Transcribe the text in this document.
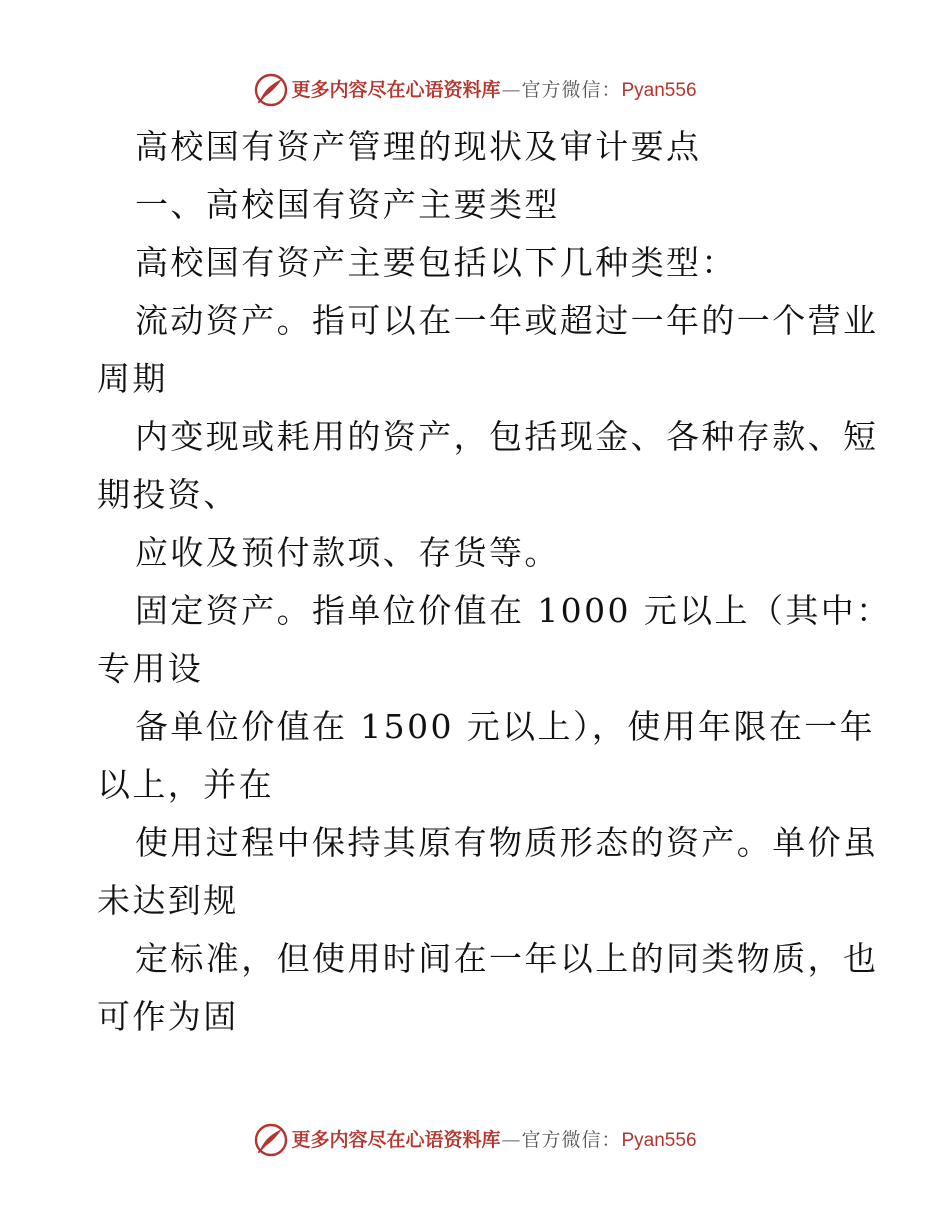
更多内容尽在心语资料库 — 官方微信： Pyan556

高校国有资产管理的现状及审计要点

一、高校国有资产主要类型

高校国有资产主要包括以下几种类型：

流动资产。指可以在一年或超过一年的一个营业

周期

内变现或耗用的资产，包括现金、各种存款、短

期投资、

应收及预付款项、存货等。

固定资产。指单位价值在 1000 元以上（其中：

专用设

备单位价值在 1500 元以上），使用年限在一年

以上，并在

使用过程中保持其原有物质形态的资产。单价虽

未达到规

定标准，但使用时间在一年以上的同类物质，也

可作为固

更多内容尽在心语资料库 — 官方微信： Pyan556
